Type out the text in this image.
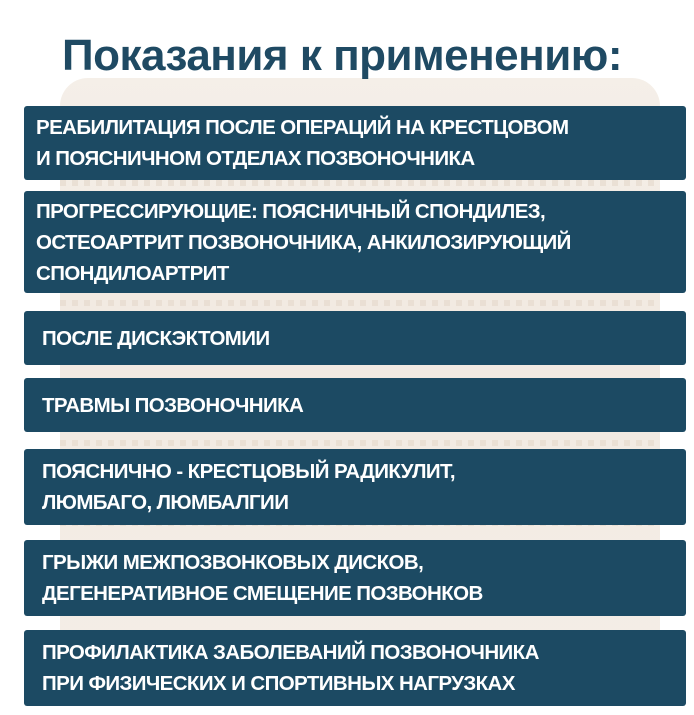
Показания к применению:
РЕАБИЛИТАЦИЯ ПОСЛЕ ОПЕРАЦИЙ НА КРЕСТЦОВОМ
И ПОЯСНИЧНОМ ОТДЕЛАХ ПОЗВОНОЧНИКА
ПРОГРЕССИРУЮЩИЕ: ПОЯСНИЧНЫЙ СПОНДИЛЕЗ,
ОСТЕОАРТРИТ ПОЗВОНОЧНИКА, АНКИЛОЗИРУЮЩИЙ
СПОНДИЛОАРТРИТ
ПОСЛЕ ДИСКЭКТОМИИ
ТРАВМЫ ПОЗВОНОЧНИКА
ПОЯСНИЧНО - КРЕСТЦОВЫЙ РАДИКУЛИТ,
ЛЮМБАГО, ЛЮМБАЛГИИ
ГРЫЖИ МЕЖПОЗВОНКОВЫХ ДИСКОВ,
ДЕГЕНЕРАТИВНОЕ СМЕЩЕНИЕ ПОЗВОНКОВ
ПРОФИЛАКТИКА ЗАБОЛЕВАНИЙ ПОЗВОНОЧНИКА
ПРИ ФИЗИЧЕСКИХ И СПОРТИВНЫХ НАГРУЗКАХ
